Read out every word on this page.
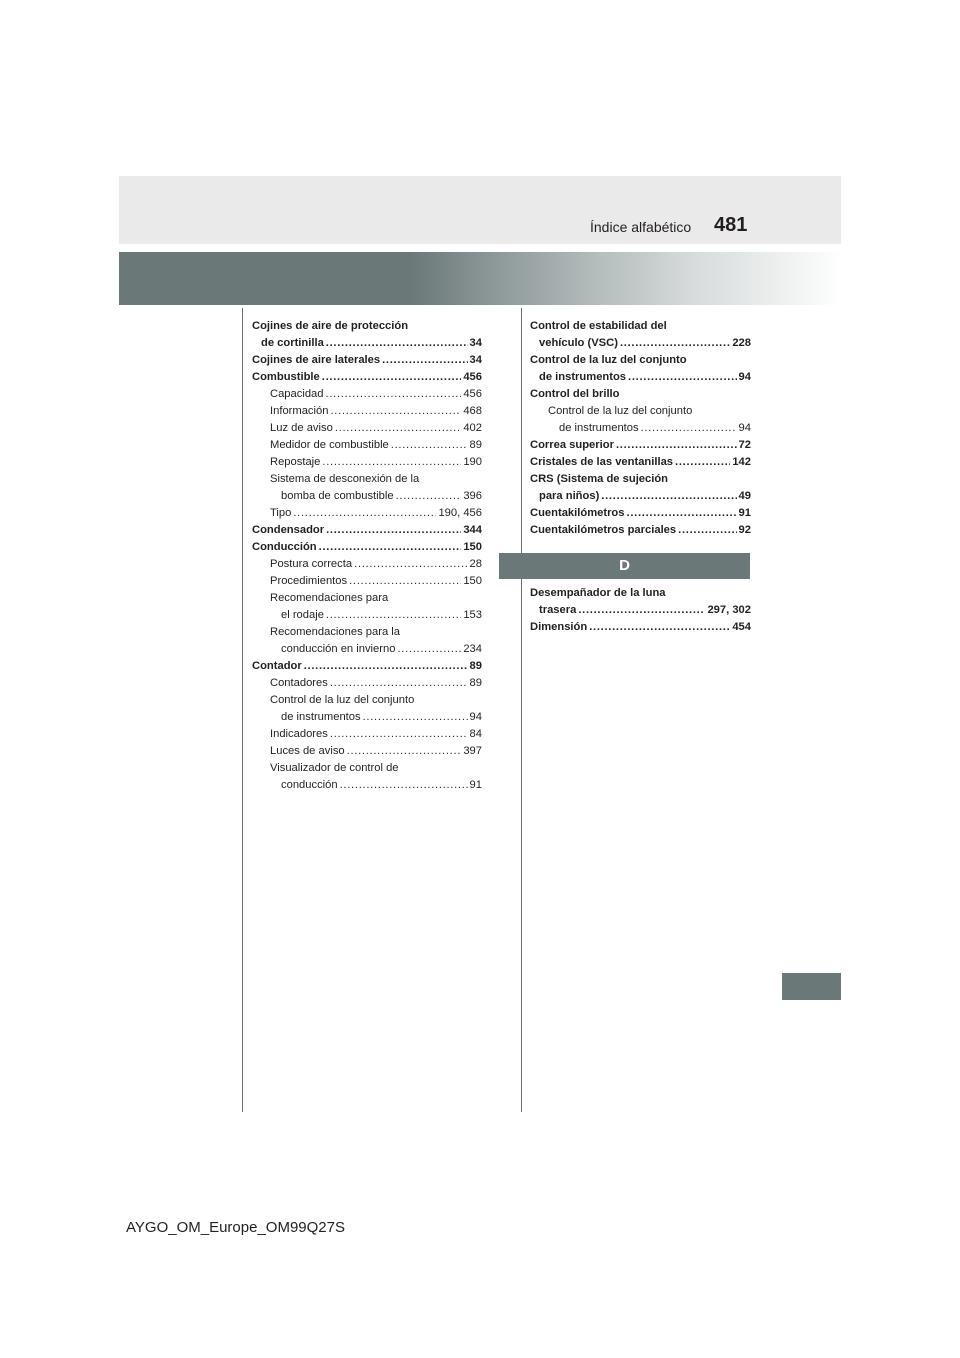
Índice alfabético 481
Cojines de aire de protección
de cortinilla . . .	34
Cojines de aire laterales . . .	34
Combustible . . .	456
Capacidad . . .	456
Información . . .	468
Luz de aviso . . .	402
Medidor de combustible . . .	89
Repostaje . . .	190
Sistema de desconexión de la
bomba de combustible . . .	396
Tipo . . .	190, 456
Condensador . . .	344
Conducción . . .	150
Postura correcta . . .	28
Procedimientos . . .	150
Recomendaciones para
el rodaje . . .	153
Recomendaciones para la
conducción en invierno . . .	234
Contador . . .	89
Contadores . . .	89
Control de la luz del conjunto
de instrumentos . . .	94
Indicadores . . .	84
Luces de aviso . . .	397
Visualizador de control de
conducción . . .	91
Control de estabilidad del
vehículo (VSC) . . .	228
Control de la luz del conjunto
de instrumentos . . .	94
Control del brillo
Control de la luz del conjunto
de instrumentos . . .	94
Correa superior . . .	72
Cristales de las ventanillas . . .	142
CRS (Sistema de sujeción
para niños) . . .	49
Cuentakilómetros . . .	91
Cuentakilómetros parciales . . .	92
D
Desempañador de la luna
trasera . . .	297, 302
Dimensión . . .	454
AYGO_OM_Europe_OM99Q27S
